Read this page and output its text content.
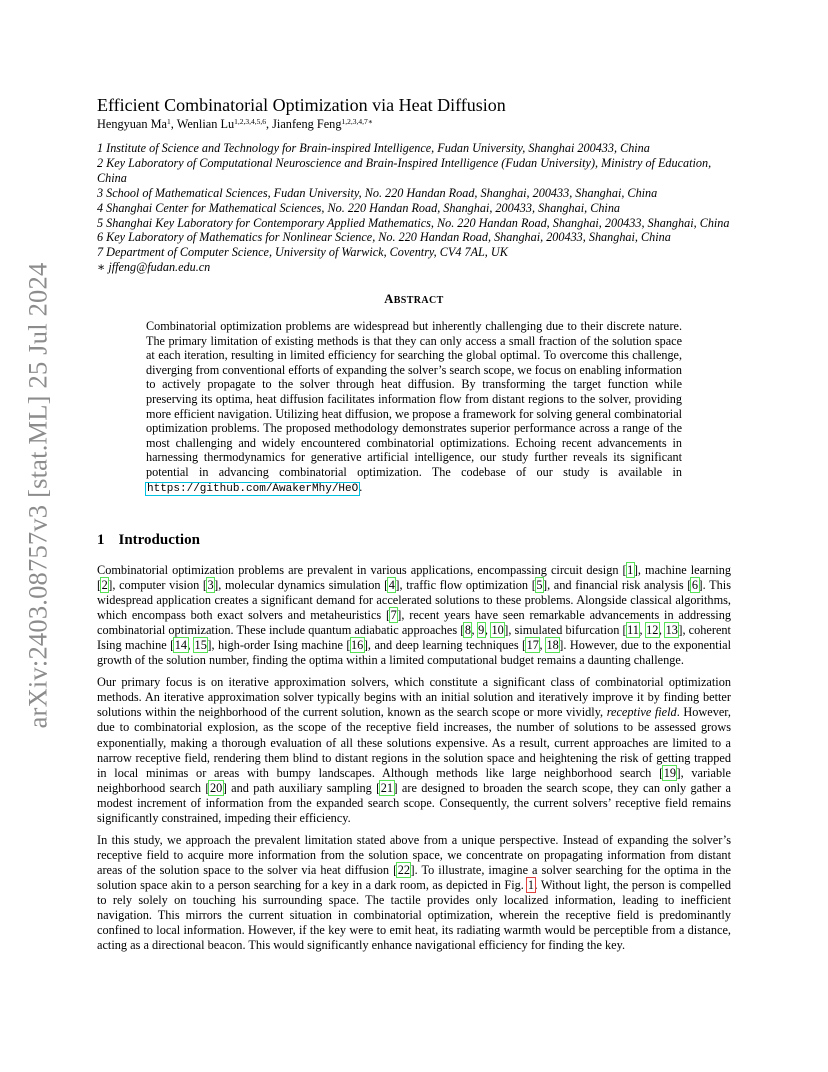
arXiv:2403.08757v3 [stat.ML] 25 Jul 2024
Efficient Combinatorial Optimization via Heat Diffusion
Hengyuan Ma$^1$, Wenlian Lu$^{1,2,3,4,5,6}$, Jianfeng Feng$^{1,2,3,4,7∗}$
1 Institute of Science and Technology for Brain-inspired Intelligence, Fudan University, Shanghai 200433, China
2 Key Laboratory of Computational Neuroscience and Brain-Inspired Intelligence (Fudan University), Ministry of Education, China
3 School of Mathematical Sciences, Fudan University, No. 220 Handan Road, Shanghai, 200433, Shanghai, China
4 Shanghai Center for Mathematical Sciences, No. 220 Handan Road, Shanghai, 200433, Shanghai, China
5 Shanghai Key Laboratory for Contemporary Applied Mathematics, No. 220 Handan Road, Shanghai, 200433, Shanghai, China
6 Key Laboratory of Mathematics for Nonlinear Science, No. 220 Handan Road, Shanghai, 200433, Shanghai, China
7 Department of Computer Science, University of Warwick, Coventry, CV4 7AL, UK
∗ jffeng@fudan.edu.cn
ABSTRACT
Combinatorial optimization problems are widespread but inherently challenging due to their discrete nature. The primary limitation of existing methods is that they can only access a small fraction of the solution space at each iteration, resulting in limited efficiency for searching the global optimal. To overcome this challenge, diverging from conventional efforts of expanding the solver’s search scope, we focus on enabling information to actively propagate to the solver through heat diffusion. By transforming the target function while preserving its optima, heat diffusion facilitates information flow from distant regions to the solver, providing more efficient navigation. Utilizing heat diffusion, we propose a framework for solving general combinatorial optimization problems. The proposed methodology demonstrates superior performance across a range of the most challenging and widely encountered combinatorial optimizations. Echoing recent advancements in harnessing thermodynamics for generative artificial intelligence, our study further reveals its significant potential in advancing combinatorial optimization. The codebase of our study is available in https://github.com/AwakerMhy/HeO.
1 Introduction

Combinatorial optimization problems are prevalent in various applications, encompassing circuit design [1], machine learning [2], computer vision [3], molecular dynamics simulation [4], traffic flow optimization [5], and financial risk analysis [6]. This widespread application creates a significant demand for accelerated solutions to these problems. Alongside classical algorithms, which encompass both exact solvers and metaheuristics [7], recent years have seen remarkable advancements in addressing combinatorial optimization. These include quantum adiabatic approaches [8, 9, 10], simulated bifurcation [11, 12, 13], coherent Ising machine [14, 15], high-order Ising machine [16], and deep learning techniques [17, 18]. However, due to the exponential growth of the solution number, finding the optima within a limited computational budget remains a daunting challenge.

Our primary focus is on iterative approximation solvers, which constitute a significant class of combinatorial optimization methods. An iterative approximation solver typically begins with an initial solution and iteratively improve it by finding better solutions within the neighborhood of the current solution, known as the search scope or more vividly, receptive field. However, due to combinatorial explosion, as the scope of the receptive field increases, the number of solutions to be assessed grows exponentially, making a thorough evaluation of all these solutions expensive. As a result, current approaches are limited to a narrow receptive field, rendering them blind to distant regions in the solution space and heightening the risk of getting trapped in local minimas or areas with bumpy landscapes. Although methods like large neighborhood search [19], variable neighborhood search [20] and path auxiliary sampling [21] are designed to broaden the search scope, they can only gather a modest increment of information from the expanded search scope. Consequently, the current solvers’ receptive field remains significantly constrained, impeding their efficiency.

In this study, we approach the prevalent limitation stated above from a unique perspective. Instead of expanding the solver’s receptive field to acquire more information from the solution space, we concentrate on propagating information from distant areas of the solution space to the solver via heat diffusion [22]. To illustrate, imagine a solver searching for the optima in the solution space akin to a person searching for a key in a dark room, as depicted in Fig. 1. Without light, the person is compelled to rely solely on touching his surrounding space. The tactile provides only localized information, leading to inefficient navigation. This mirrors the current situation in combinatorial optimization, wherein the receptive field is predominantly confined to local information. However, if the key were to emit heat, its radiating warmth would be perceptible from a distance, acting as a directional beacon. This would significantly enhance navigational efficiency for finding the key.
